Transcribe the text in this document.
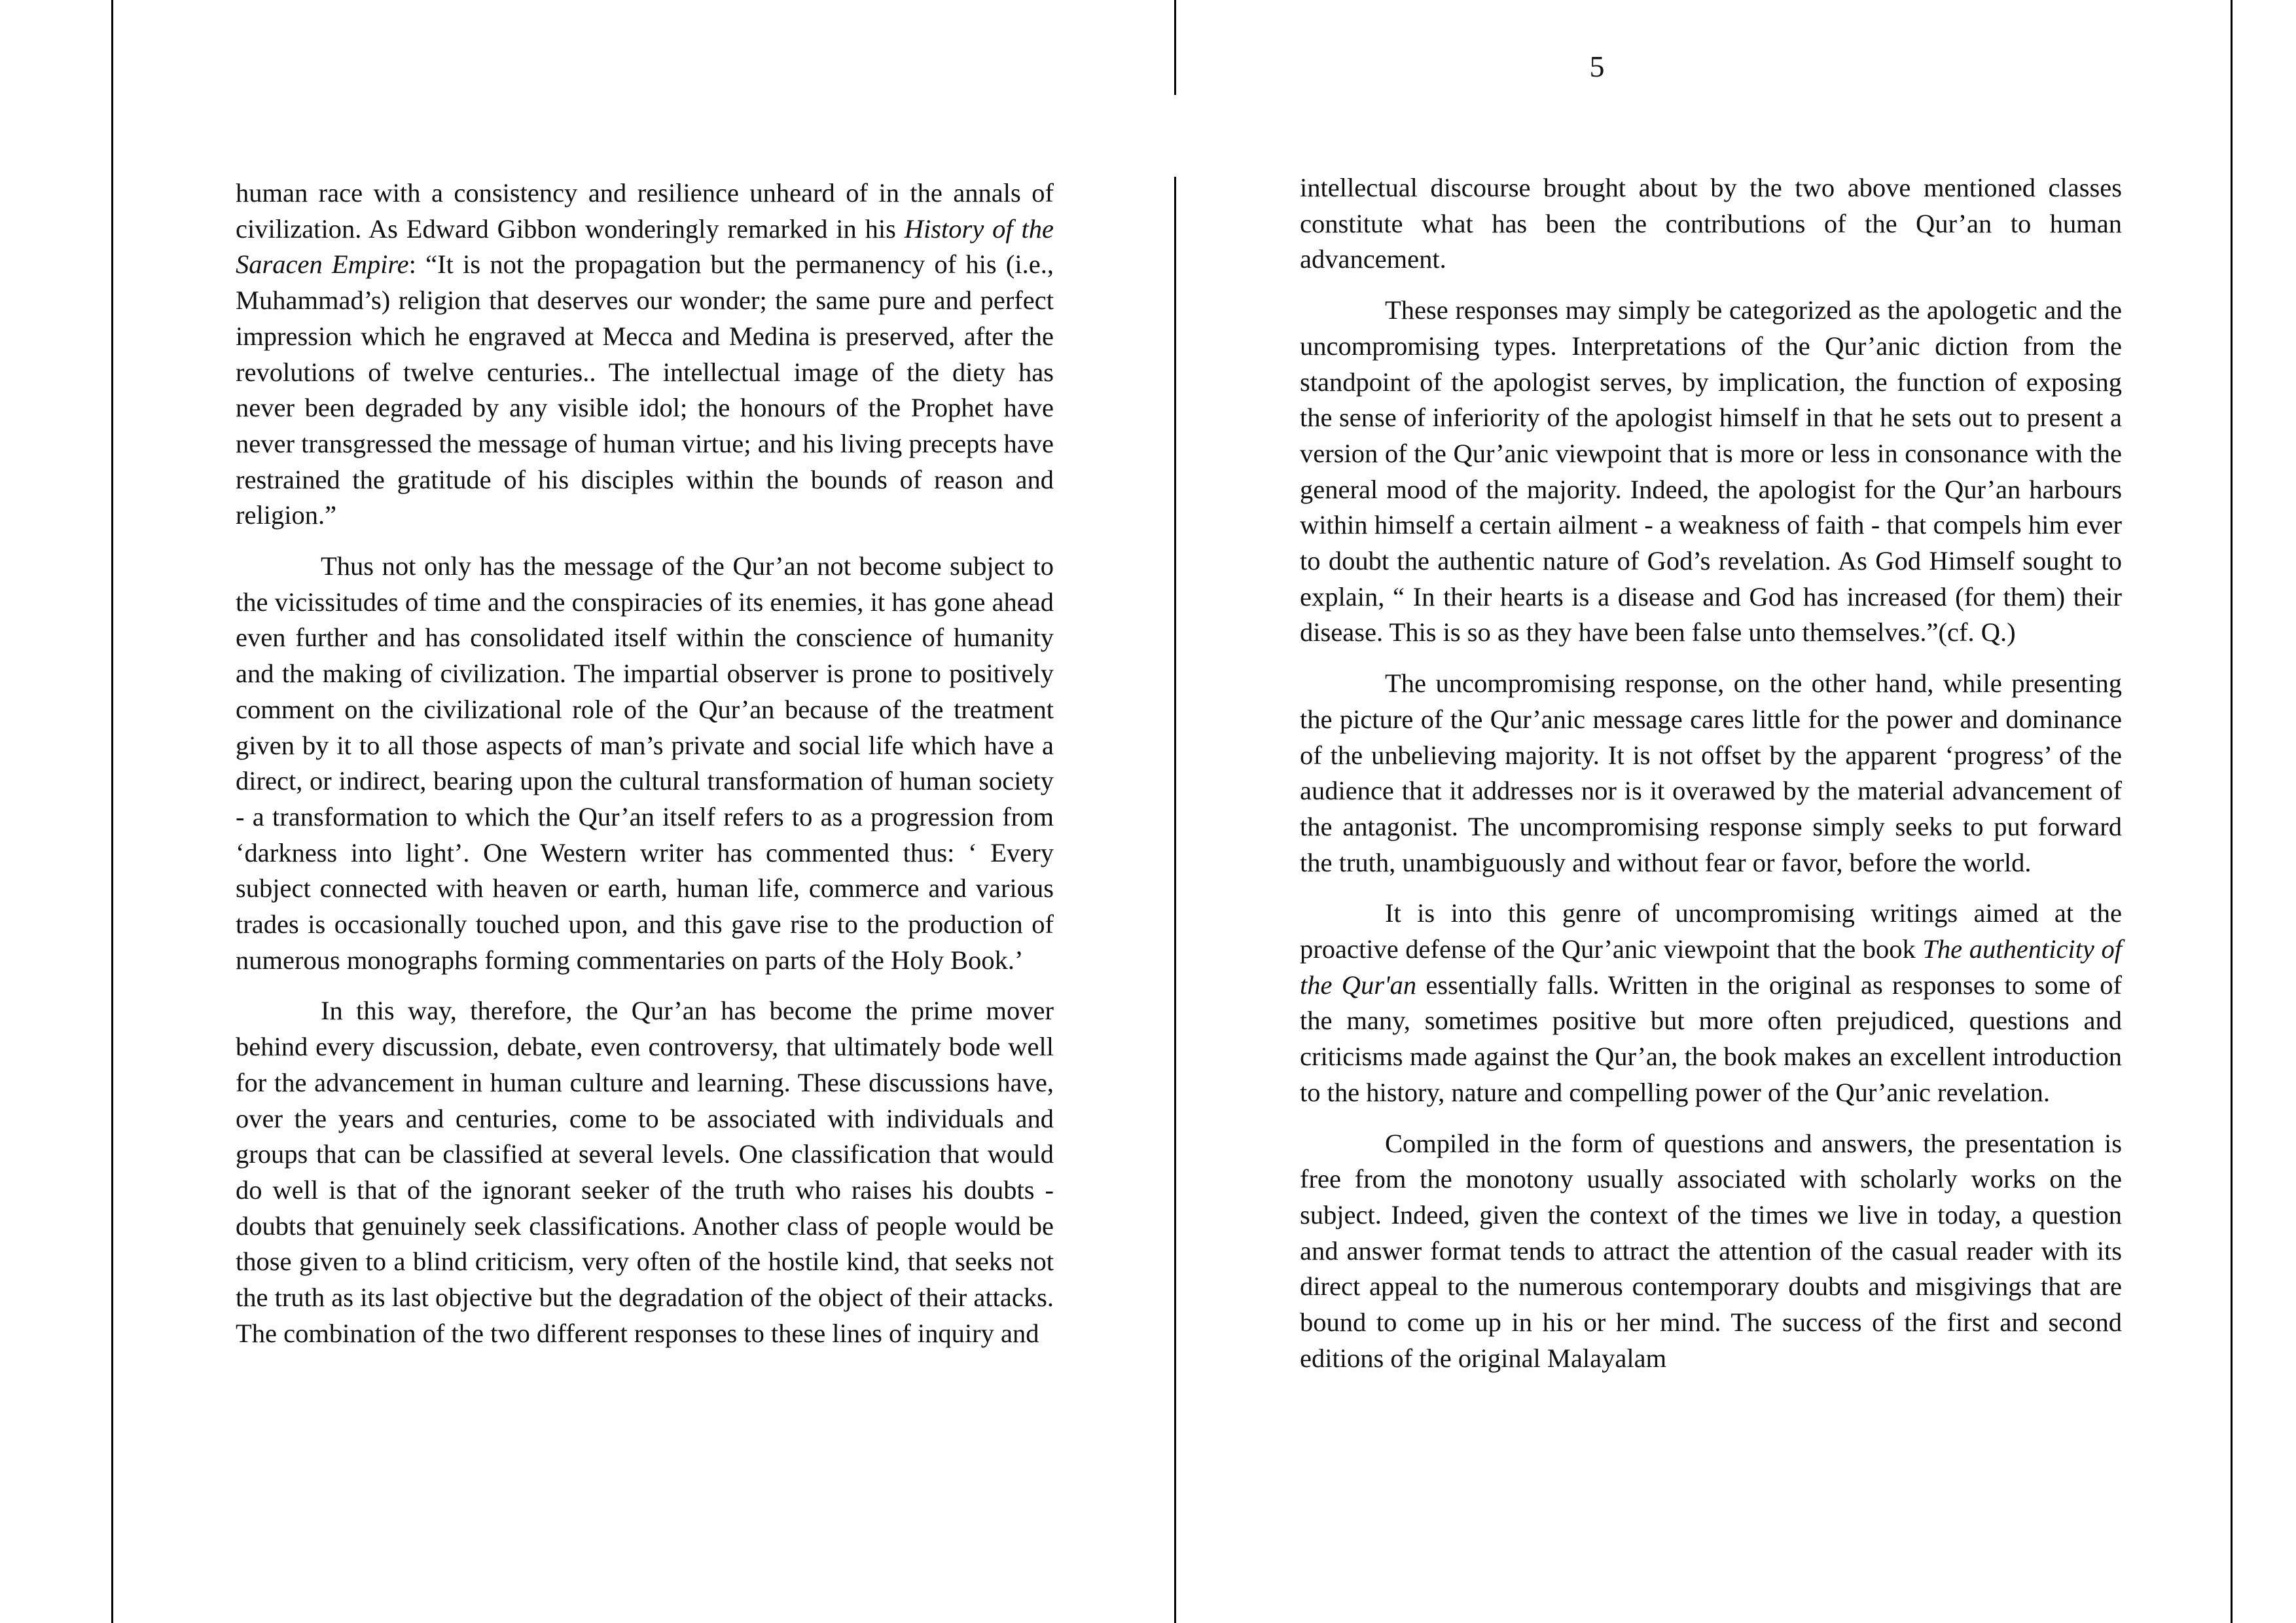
5

human race with a consistency and resilience unheard of in the annals of civilization. As Edward Gibbon wonderingly remarked in his History of the Saracen Empire: “It is not the propagation but the permanency of his (i.e., Muhammad’s) religion that deserves our wonder; the same pure and perfect impression which he engraved at Mecca and Medina is preserved, after the revolutions of twelve centuries.. The intellectual image of the diety has never been degraded by any visible idol; the honours of the Prophet have never transgressed the message of human virtue; and his living precepts have restrained the gratitude of his disciples within the bounds of reason and religion.”

Thus not only has the message of the Qur’an not become subject to the vicissitudes of time and the conspiracies of its enemies, it has gone ahead even further and has consolidated itself within the conscience of humanity and the making of civilization. The impartial observer is prone to positively comment on the civilizational role of the Qur’an because of the treatment given by it to all those aspects of man’s private and social life which have a direct, or indirect, bearing upon the cultural transformation of human society - a transformation to which the Qur’an itself refers to as a progression from ‘darkness into light’. One Western writer has commented thus: ‘ Every subject connected with heaven or earth, human life, commerce and various trades is occasionally touched upon, and this gave rise to the production of numerous monographs forming commentaries on parts of the Holy Book.’

In this way, therefore, the Qur’an has become the prime mover behind every discussion, debate, even controversy, that ultimately bode well for the advancement in human culture and learning. These discussions have, over the years and centuries, come to be associated with individuals and groups that can be classified at several levels. One classification that would do well is that of the ignorant seeker of the truth who raises his doubts - doubts that genuinely seek classifications. Another class of people would be those given to a blind criticism, very often of the hostile kind, that seeks not the truth as its last objective but the degradation of the object of their attacks. The combination of the two different responses to these lines of inquiry and

intellectual discourse brought about by the two above mentioned classes constitute what has been the contributions of the Qur’an to human advancement.

These responses may simply be categorized as the apologetic and the uncompromising types. Interpretations of the Qur’anic diction from the standpoint of the apologist serves, by implication, the function of exposing the sense of inferiority of the apologist himself in that he sets out to present a version of the Qur’anic viewpoint that is more or less in consonance with the general mood of the majority. Indeed, the apologist for the Qur’an harbours within himself a certain ailment - a weakness of faith - that compels him ever to doubt the authentic nature of God’s revelation. As God Himself sought to explain, “ In their hearts is a disease and God has increased (for them) their disease. This is so as they have been false unto themselves.”(cf. Q.)

The uncompromising response, on the other hand, while presenting the picture of the Qur’anic message cares little for the power and dominance of the unbelieving majority. It is not offset by the apparent ‘progress’ of the audience that it addresses nor is it overawed by the material advancement of the antagonist. The uncompromising response simply seeks to put forward the truth, unambiguously and without fear or favor, before the world.

It is into this genre of uncompromising writings aimed at the proactive defense of the Qur’anic viewpoint that the book The authenticity of the Qur'an essentially falls. Written in the original as responses to some of the many, sometimes positive but more often prejudiced, questions and criticisms made against the Qur’an, the book makes an excellent introduction to the history, nature and compelling power of the Qur’anic revelation.

Compiled in the form of questions and answers, the presentation is free from the monotony usually associated with scholarly works on the subject. Indeed, given the context of the times we live in today, a question and answer format tends to attract the attention of the casual reader with its direct appeal to the numerous contemporary doubts and misgivings that are bound to come up in his or her mind. The success of the first and second editions of the original Malayalam
